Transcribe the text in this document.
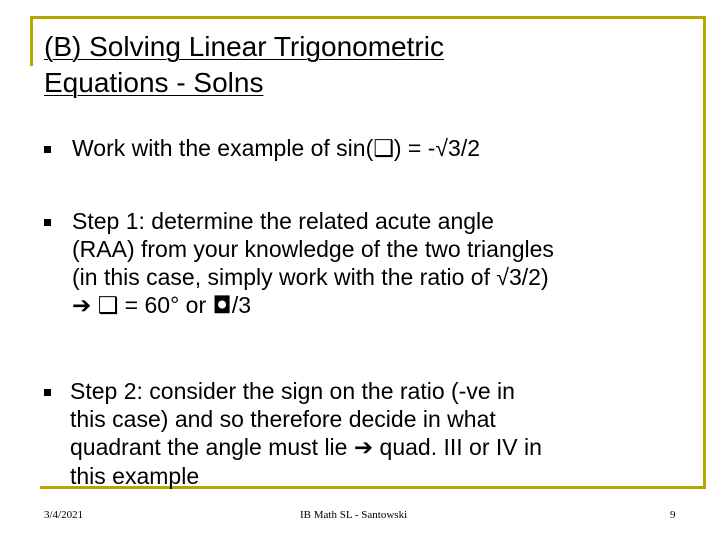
(B) Solving Linear Trigonometric
Equations - Solns
Work with the example of sin(❑) = -√3/2
Step 1: determine the related acute angle
(RAA) from your knowledge of the two triangles
(in this case, simply work with the ratio of √3/2)
➔ ❑ = 60° or ◘/3
Step 2: consider the sign on the ratio (-ve in
this case) and so therefore decide in what
quadrant the angle must lie ➔ quad. III or IV in
this example
3/4/2021	IB Math SL - Santowski	9
